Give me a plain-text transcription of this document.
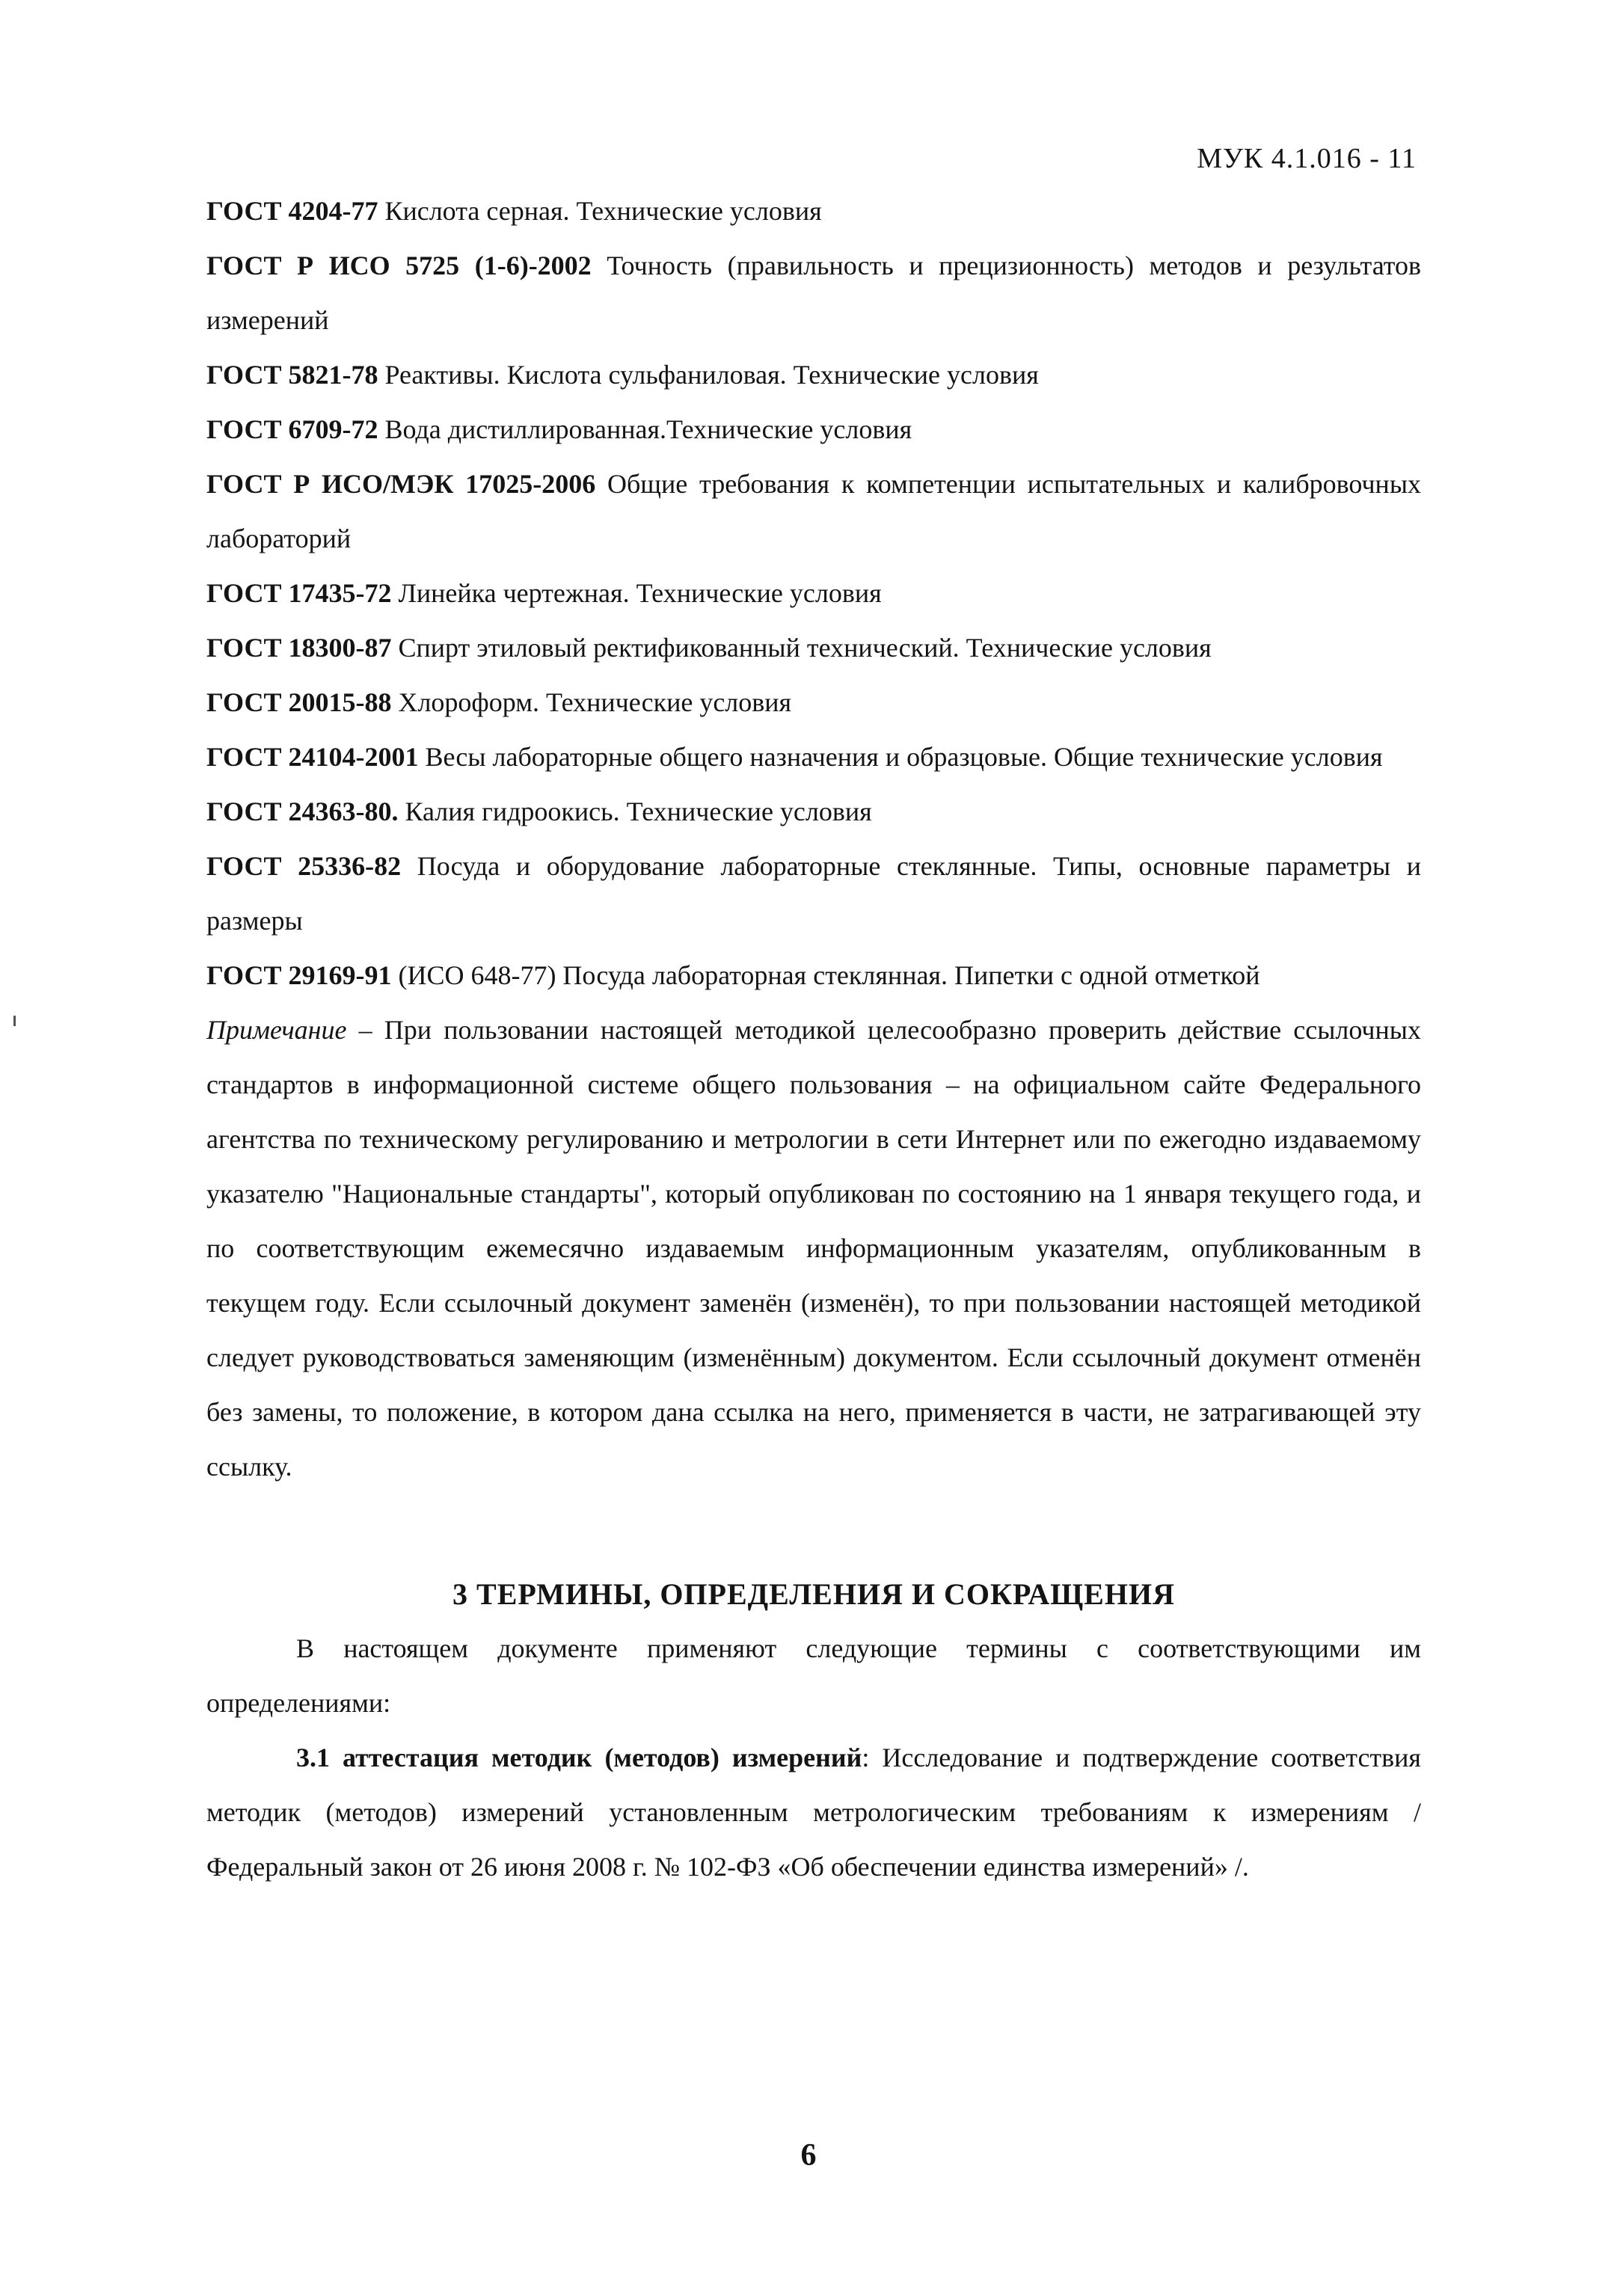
МУК 4.1.016 - 11

ГОСТ 4204-77 Кислота серная. Технические условия

ГОСТ Р ИСО 5725 (1-6)-2002 Точность (правильность и прецизионность) методов и результатов измерений

ГОСТ 5821-78 Реактивы. Кислота сульфаниловая. Технические условия

ГОСТ 6709-72 Вода дистиллированная.Технические условия

ГОСТ Р ИСО/МЭК 17025-2006 Общие требования к компетенции испытательных и калибровочных лабораторий

ГОСТ 17435-72 Линейка чертежная. Технические условия

ГОСТ 18300-87 Спирт этиловый ректификованный технический. Технические условия

ГОСТ 20015-88 Хлороформ. Технические условия

ГОСТ 24104-2001 Весы лабораторные общего назначения и образцовые. Общие технические условия

ГОСТ 24363-80. Калия гидроокись. Технические условия

ГОСТ 25336-82 Посуда и оборудование лабораторные стеклянные. Типы, основные параметры и размеры

ГОСТ 29169-91 (ИСО 648-77) Посуда лабораторная стеклянная. Пипетки с одной отметкой

Примечание – При пользовании настоящей методикой целесообразно проверить действие ссылочных стандартов в информационной системе общего пользования – на официальном сайте Федерального агентства по техническому регулированию и метрологии в сети Интернет или по ежегодно издаваемому указателю "Национальные стандарты", который опубликован по состоянию на 1 января текущего года, и по соответствующим ежемесячно издаваемым информационным указателям, опубликованным в текущем году. Если ссылочный документ заменён (изменён), то при пользовании настоящей методикой следует руководствоваться заменяющим (изменённым) документом. Если ссылочный документ отменён без замены, то положение, в котором дана ссылка на него, применяется в части, не затрагивающей эту ссылку.

3 ТЕРМИНЫ, ОПРЕДЕЛЕНИЯ И СОКРАЩЕНИЯ

В настоящем документе применяют следующие термины с соответствующими им определениями:

3.1 аттестация методик (методов) измерений: Исследование и подтверждение соответствия методик (методов) измерений установленным метрологическим требованиям к измерениям / Федеральный закон от 26 июня 2008 г. № 102-ФЗ «Об обеспечении единства измерений» /.

6
